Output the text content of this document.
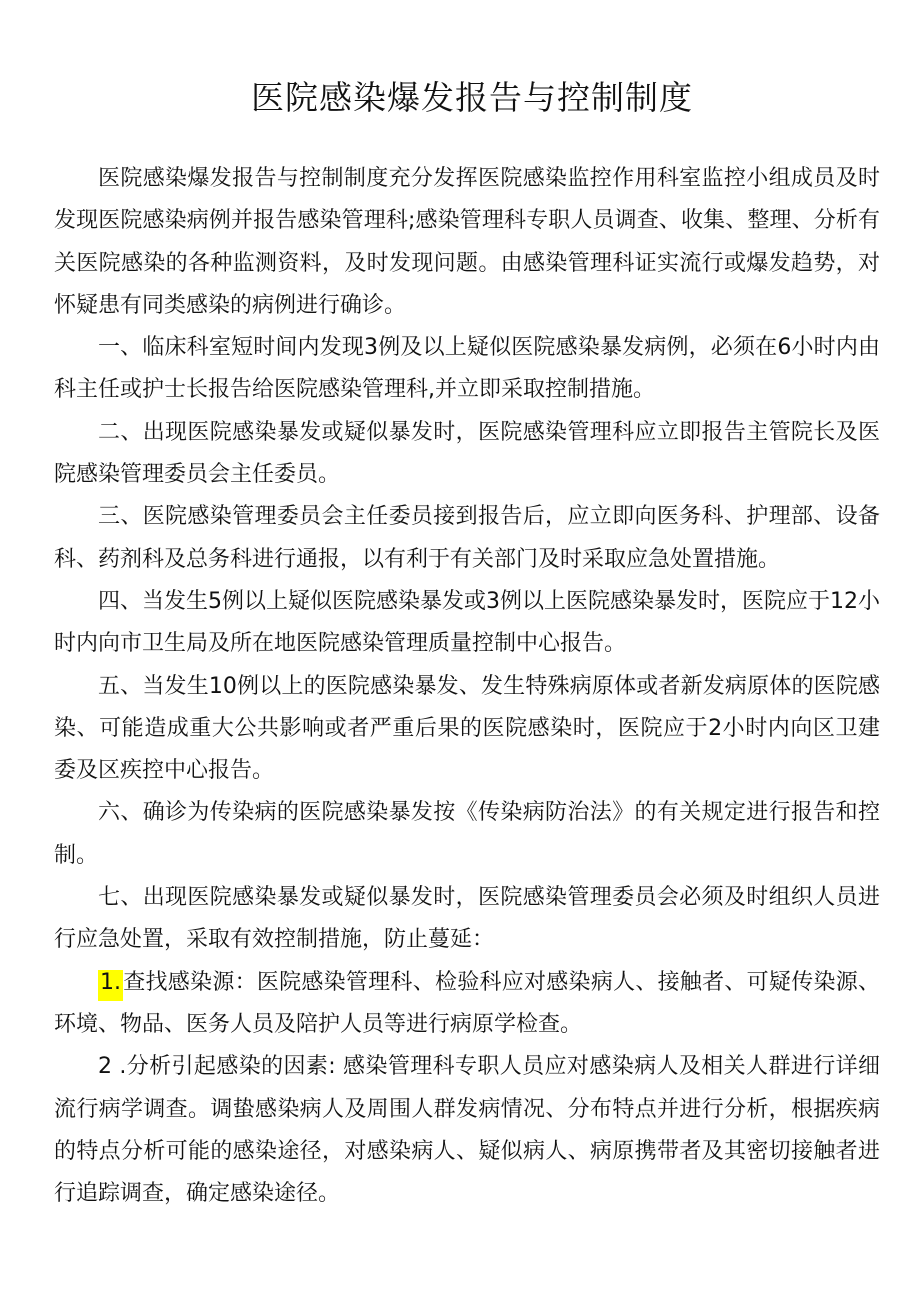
医院感染爆发报告与控制制度

医院感染爆发报告与控制制度充分发挥医院感染监控作用科室监控小组成员及时发现医院感染病例并报告感染管理科;感染管理科专职人员调查、收集、整理、分析有关医院感染的各种监测资料，及时发现问题。由感染管理科证实流行或爆发趋势，对怀疑患有同类感染的病例进行确诊。

一、临床科室短时间内发现3例及以上疑似医院感染暴发病例，必须在6小时内由科主任或护士长报告给医院感染管理科,并立即采取控制措施。

二、出现医院感染暴发或疑似暴发时，医院感染管理科应立即报告主管院长及医院感染管理委员会主任委员。

三、医院感染管理委员会主任委员接到报告后，应立即向医务科、护理部、设备科、药剂科及总务科进行通报，以有利于有关部门及时采取应急处置措施。

四、当发生5例以上疑似医院感染暴发或3例以上医院感染暴发时，医院应于12小时内向市卫生局及所在地医院感染管理质量控制中心报告。

五、当发生10例以上的医院感染暴发、发生特殊病原体或者新发病原体的医院感染、可能造成重大公共影响或者严重后果的医院感染时，医院应于2小时内向区卫建委及区疾控中心报告。

六、确诊为传染病的医院感染暴发按《传染病防治法》的有关规定进行报告和控制。

七、出现医院感染暴发或疑似暴发时，医院感染管理委员会必须及时组织人员进行应急处置，采取有效控制措施，防止蔓延：

1.查找感染源：医院感染管理科、检验科应对感染病人、接触者、可疑传染源、环境、物品、医务人员及陪护人员等进行病原学检查。

2 .分析引起感染的因素: 感染管理科专职人员应对感染病人及相关人群进行详细流行病学调查。调蛰感染病人及周围人群发病情况、分布特点并进行分析，根据疾病的特点分析可能的感染途径，对感染病人、疑似病人、病原携带者及其密切接触者进行追踪调查，确定感染途径。
